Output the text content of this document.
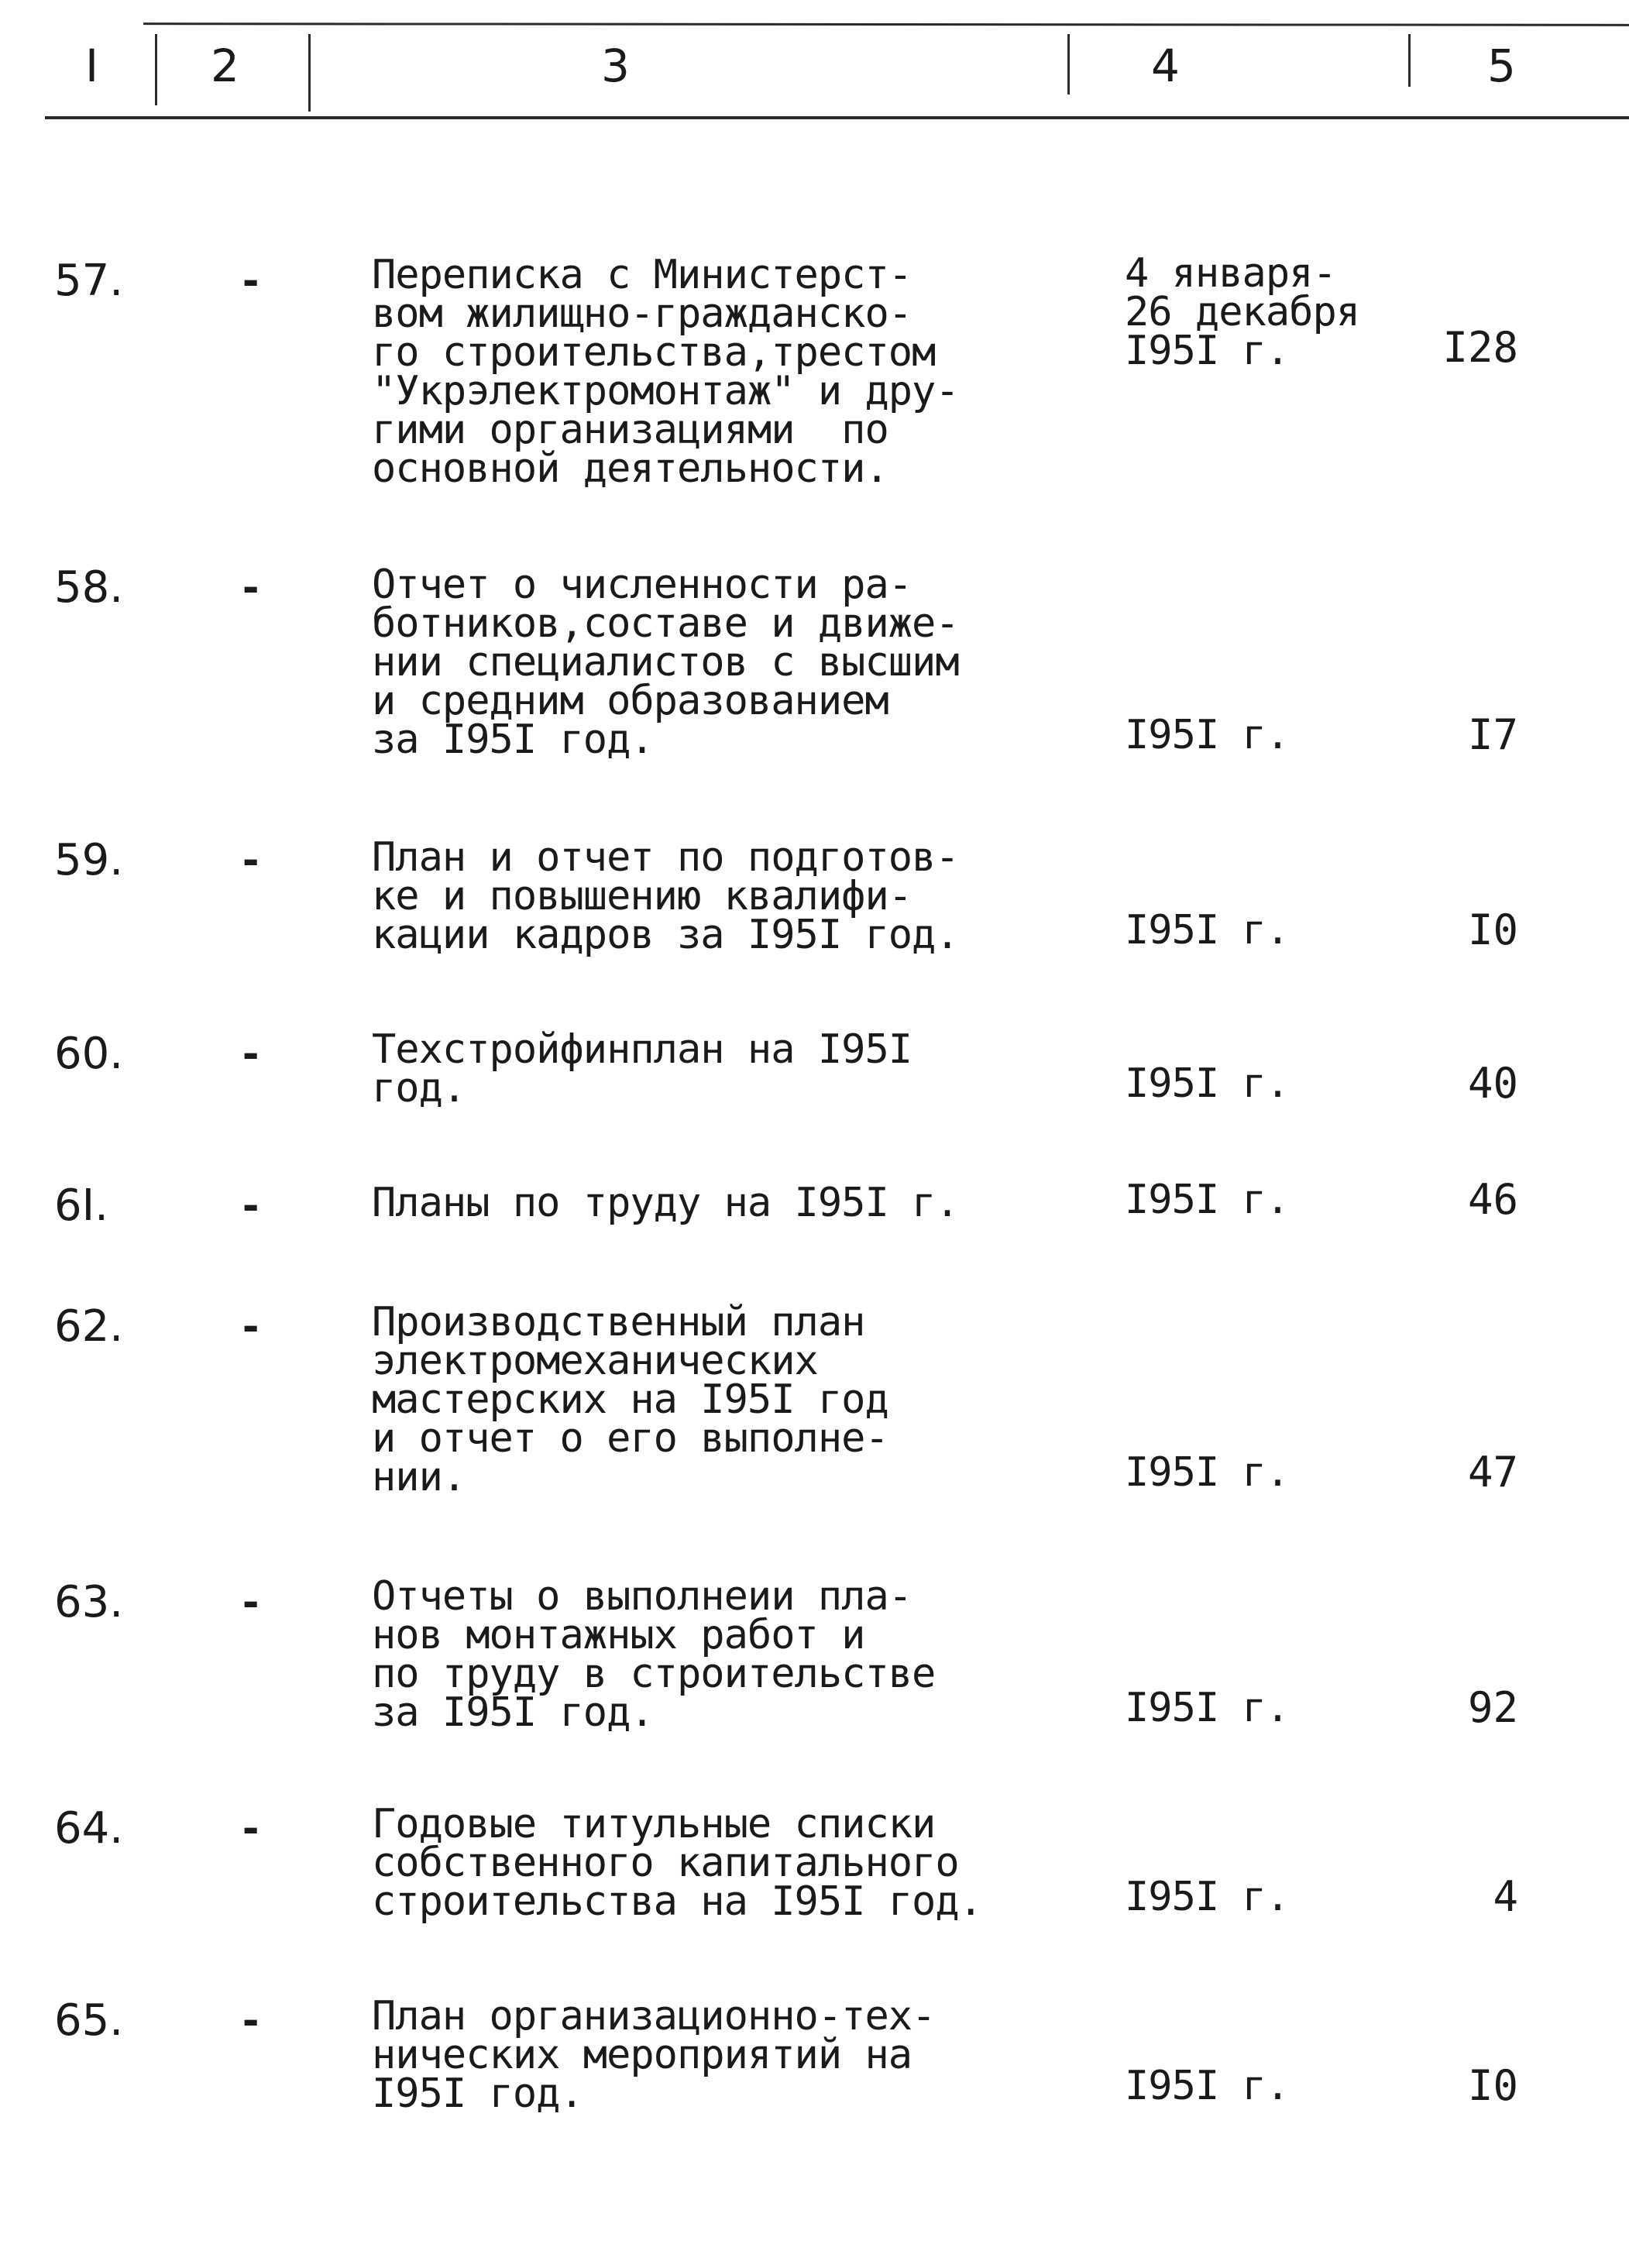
I 2	3	4	5
57.	-	Переписка с Министерст-
вом жилищно-гражданско-
го строительства,трестом
"Укрэлектромонтаж" и дру-
гими организациями  по
основной деятельности.
4 января-
26 декабря
I95I г.	I28
58.	-	Отчет о численности ра-
ботников,составе и движе-
нии специалистов с высшим
и средним образованием
за I95I год.	I95I г.	I7
59.	-	План и отчет по подготов-
ке и повышению квалифи-
кации кадров за I95I год.	I95I г.	I0
60.	-	Техстройфинплан на I95I
год.	I95I г.	40
6I.	-	Планы по труду на I95I г.	I95I г.	46
62.	-	Производственный план
электромеханических
мастерских на I95I год
и отчет о его выполне-
нии.	I95I г.	47
63.	-	Отчеты о выполнеии пла-
нов монтажных работ и
по труду в строительстве
за I95I год.	I95I г.	92
64.	-	Годовые титульные списки
собственного капитального
строительства на I95I год.	I95I г.	4
65.	-	План организационно-тех-
нических мероприятий на
I95I год.	I95I г.	I0
